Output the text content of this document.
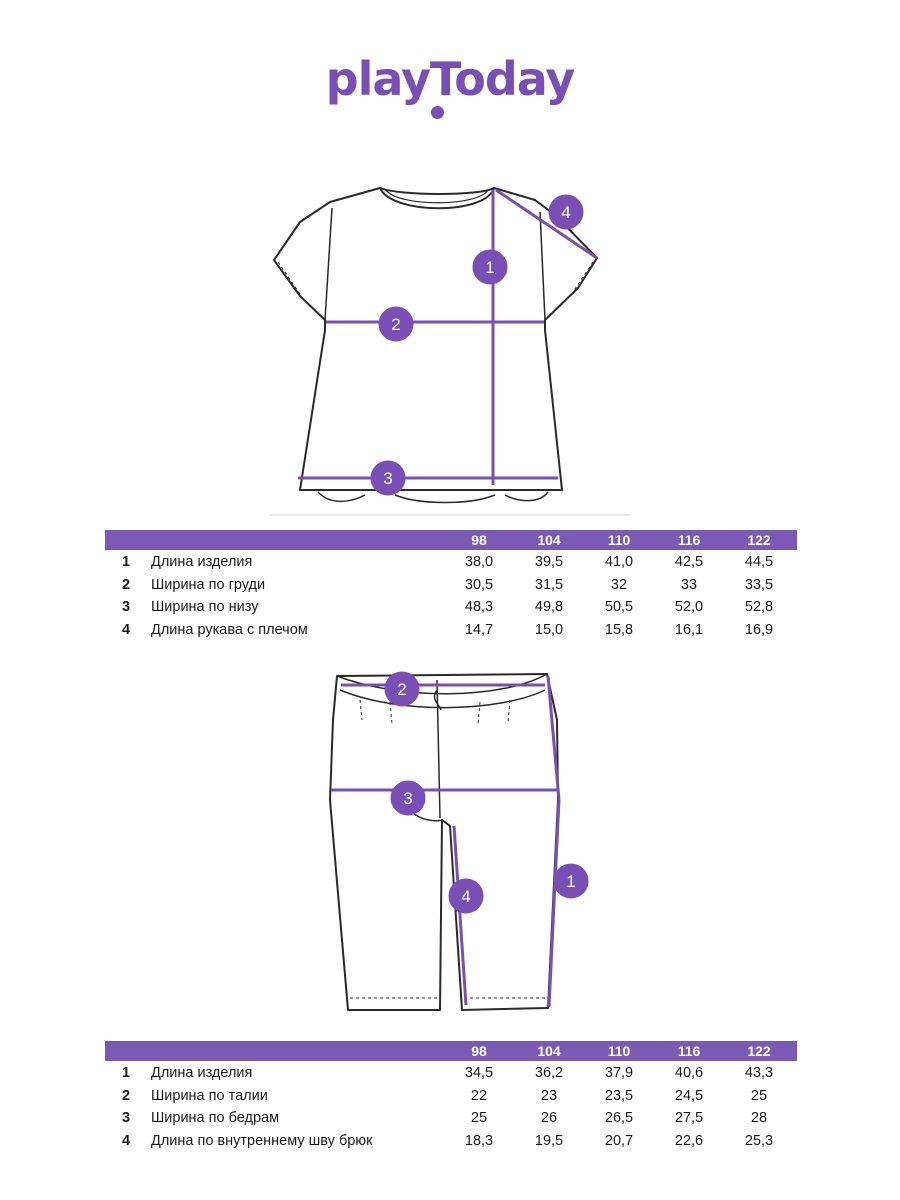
playToday
1
2
3
4
98	104	110	116	122
1 Длина изделия	38,0	39,5	41,0	42,5	44,5
2 Ширина по груди	30,5	31,5	32	33	33,5
3 Ширина по низу	48,3	49,8	50,5	52,0	52,8
4 Длина рукава с плечом	14,7	15,0	15,8	16,1	16,9
2
3
4
1
98	104	110	116	122
1 Длина изделия	34,5	36,2	37,9	40,6	43,3
2 Ширина по талии	22	23	23,5	24,5	25
3 Ширина по бедрам	25	26	26,5	27,5	28
4 Длина по внутреннему шву брюк	18,3	19,5	20,7	22,6	25,3
